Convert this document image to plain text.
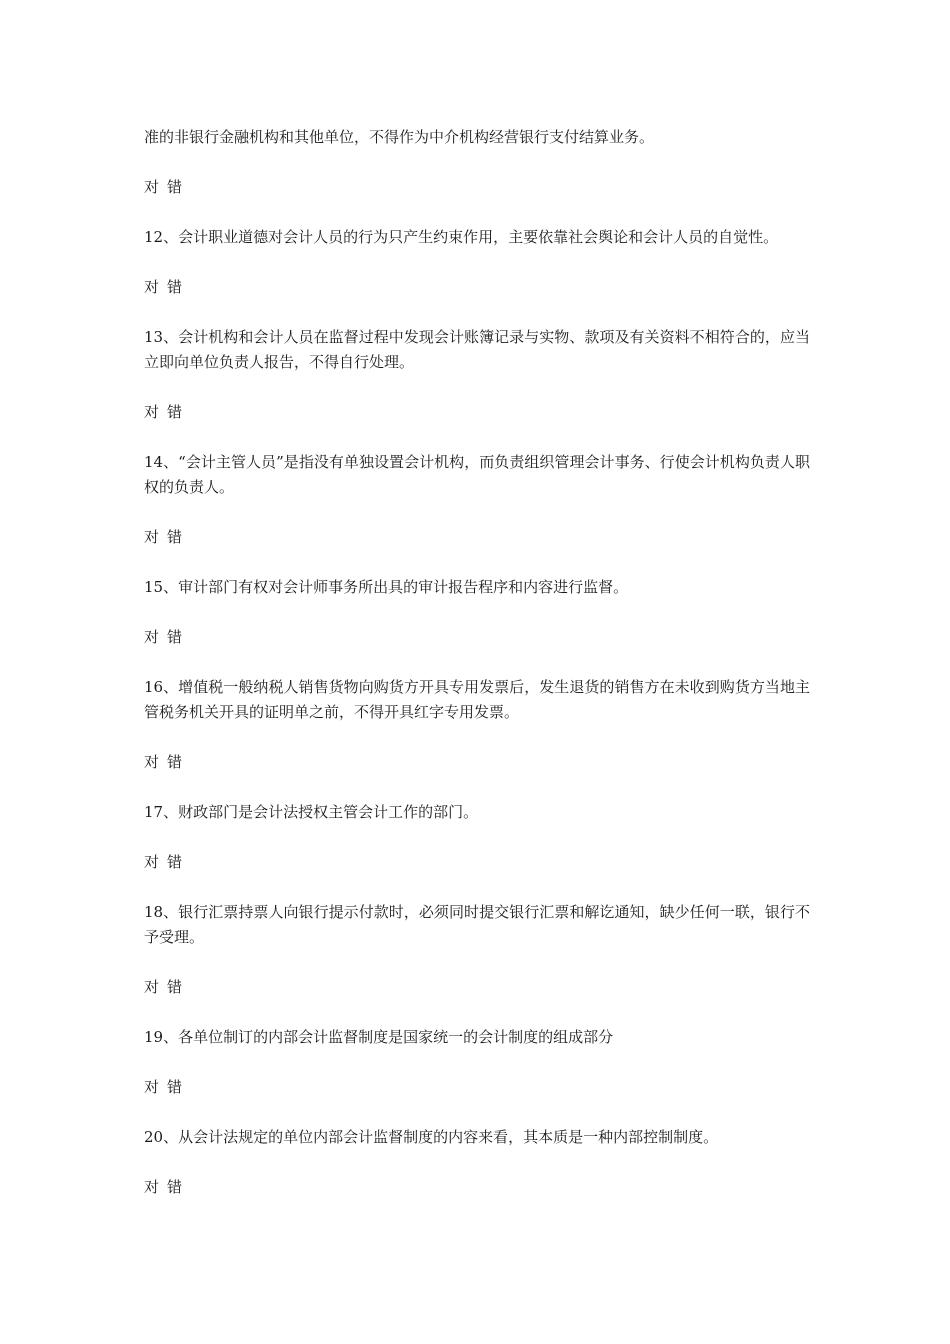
准的非银行金融机构和其他单位，不得作为中介机构经营银行支付结算业务。

对 错

12、会计职业道德对会计人员的行为只产生约束作用，主要依靠社会舆论和会计人员的自觉性。

对 错

13、会计机构和会计人员在监督过程中发现会计账簿记录与实物、款项及有关资料不相符合的，应当立即向单位负责人报告，不得自行处理。

对 错

14、“会计主管人员”是指没有单独设置会计机构，而负责组织管理会计事务、行使会计机构负责人职权的负责人。

对 错

15、审计部门有权对会计师事务所出具的审计报告程序和内容进行监督。

对 错

16、增值税一般纳税人销售货物向购货方开具专用发票后，发生退货的销售方在未收到购货方当地主管税务机关开具的证明单之前，不得开具红字专用发票。

对 错

17、财政部门是会计法授权主管会计工作的部门。

对 错

18、银行汇票持票人向银行提示付款时，必须同时提交银行汇票和解讫通知，缺少任何一联，银行不予受理。

对 错

19、各单位制订的内部会计监督制度是国家统一的会计制度的组成部分

对 错

20、从会计法规定的单位内部会计监督制度的内容来看，其本质是一种内部控制制度。

对 错
